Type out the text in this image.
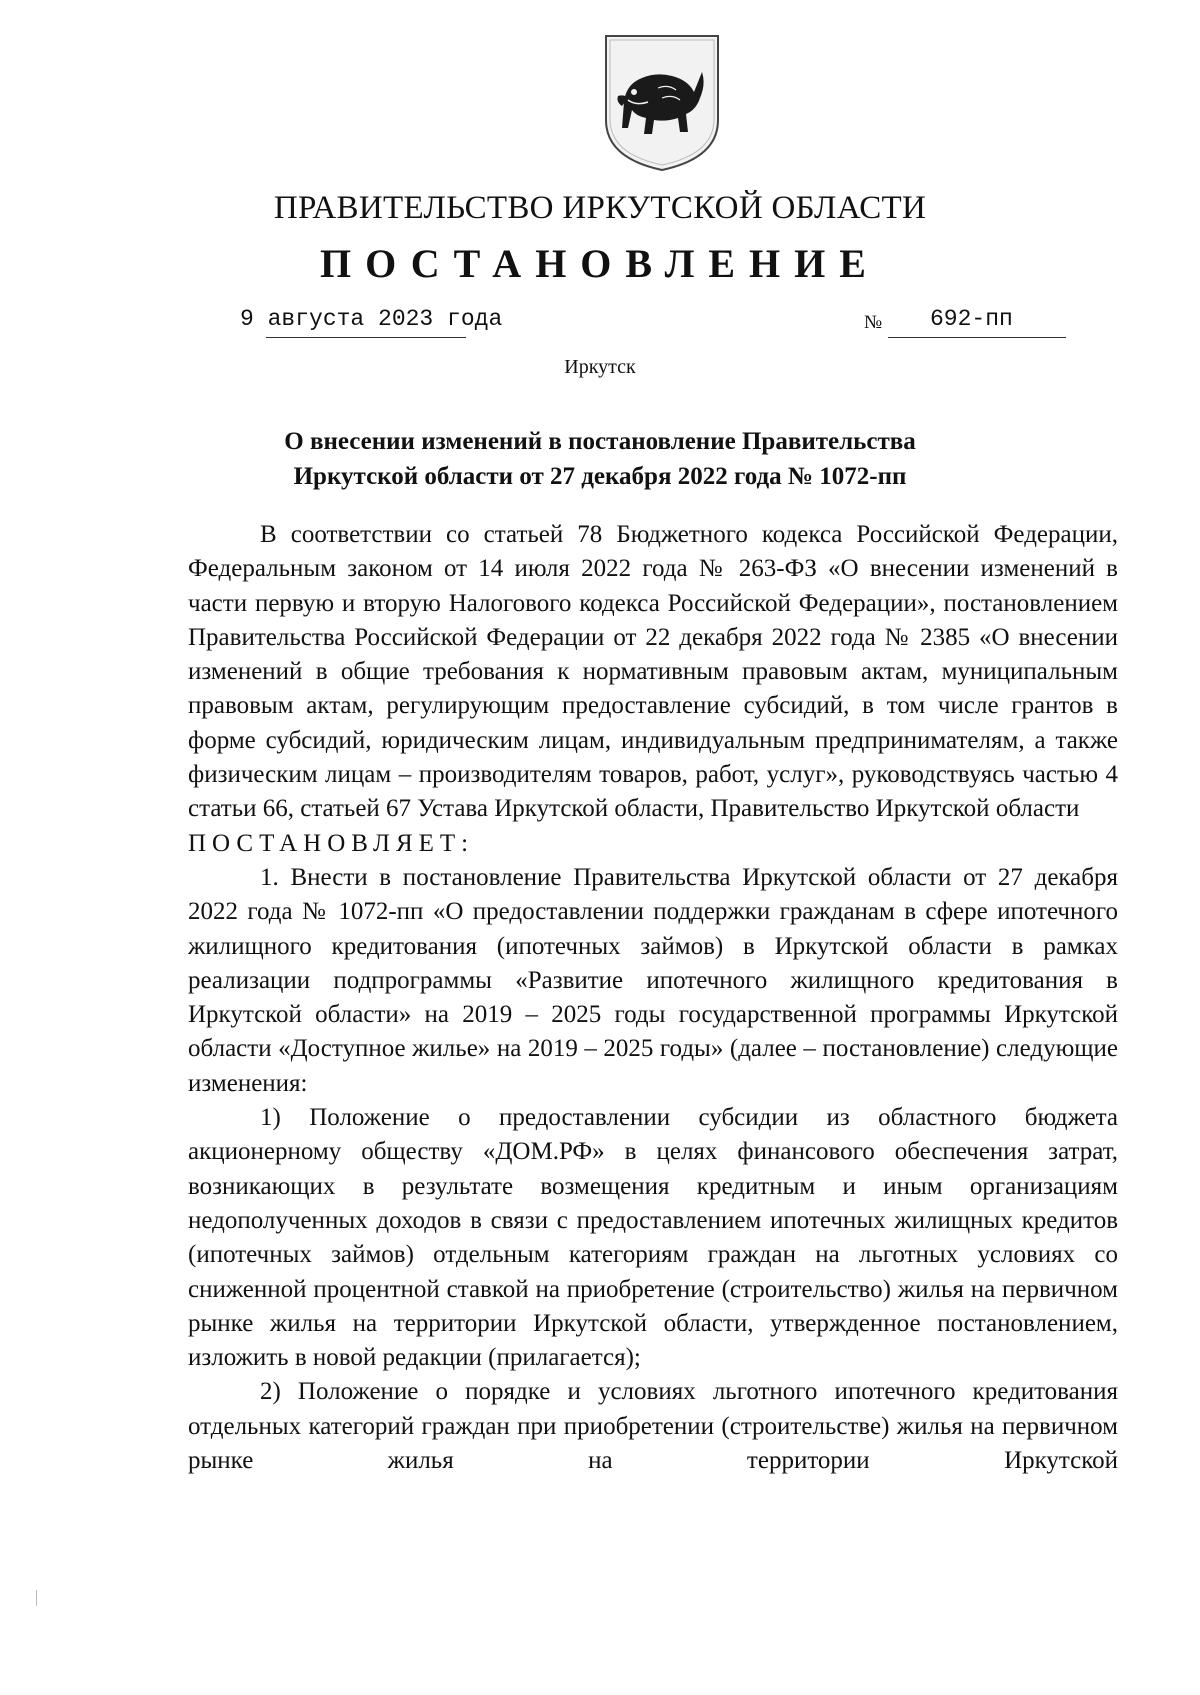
ПРАВИТЕЛЬСТВО ИРКУТСКОЙ ОБЛАСТИ
ПОСТАНОВЛЕНИЕ
9 августа 2023 года	№ 692-пп
Иркутск
О внесении изменений в постановление Правительства
Иркутской области от 27 декабря 2022 года № 1072-пп

В соответствии со статьей 78 Бюджетного кодекса Российской Федерации, Федеральным законом от 14 июля 2022 года № 263-ФЗ «О внесении изменений в части первую и вторую Налогового кодекса Российской Федерации», постановлением Правительства Российской Федерации от 22 декабря 2022 года № 2385 «О внесении изменений в общие требования к нормативным правовым актам, муниципальным правовым актам, регулирующим предоставление субсидий, в том числе грантов в форме субсидий, юридическим лицам, индивидуальным предпринимателям, а также физическим лицам – производителям товаров, работ, услуг», руководствуясь частью 4 статьи 66, статьей 67 Устава Иркутской области, Правительство Иркутской области

ПОСТАНОВЛЯЕТ:

1. Внести в постановление Правительства Иркутской области от 27 декабря 2022 года № 1072-пп «О предоставлении поддержки гражданам в сфере ипотечного жилищного кредитования (ипотечных займов) в Иркутской области в рамках реализации подпрограммы «Развитие ипотечного жилищного кредитования в Иркутской области» на 2019 – 2025 годы государственной программы Иркутской области «Доступное жилье» на 2019 – 2025 годы» (далее – постановление) следующие изменения:

1) Положение о предоставлении субсидии из областного бюджета акционерному обществу «ДОМ.РФ» в целях финансового обеспечения затрат, возникающих в результате возмещения кредитным и иным организациям недополученных доходов в связи с предоставлением ипотечных жилищных кредитов (ипотечных займов) отдельным категориям граждан на льготных условиях со сниженной процентной ставкой на приобретение (строительство) жилья на первичном рынке жилья на территории Иркутской области, утвержденное постановлением, изложить в новой редакции (прилагается);

2) Положение о порядке и условиях льготного ипотечного кредитования отдельных категорий граждан при приобретении (строительстве) жилья на первичном рынке жилья на территории Иркутской
